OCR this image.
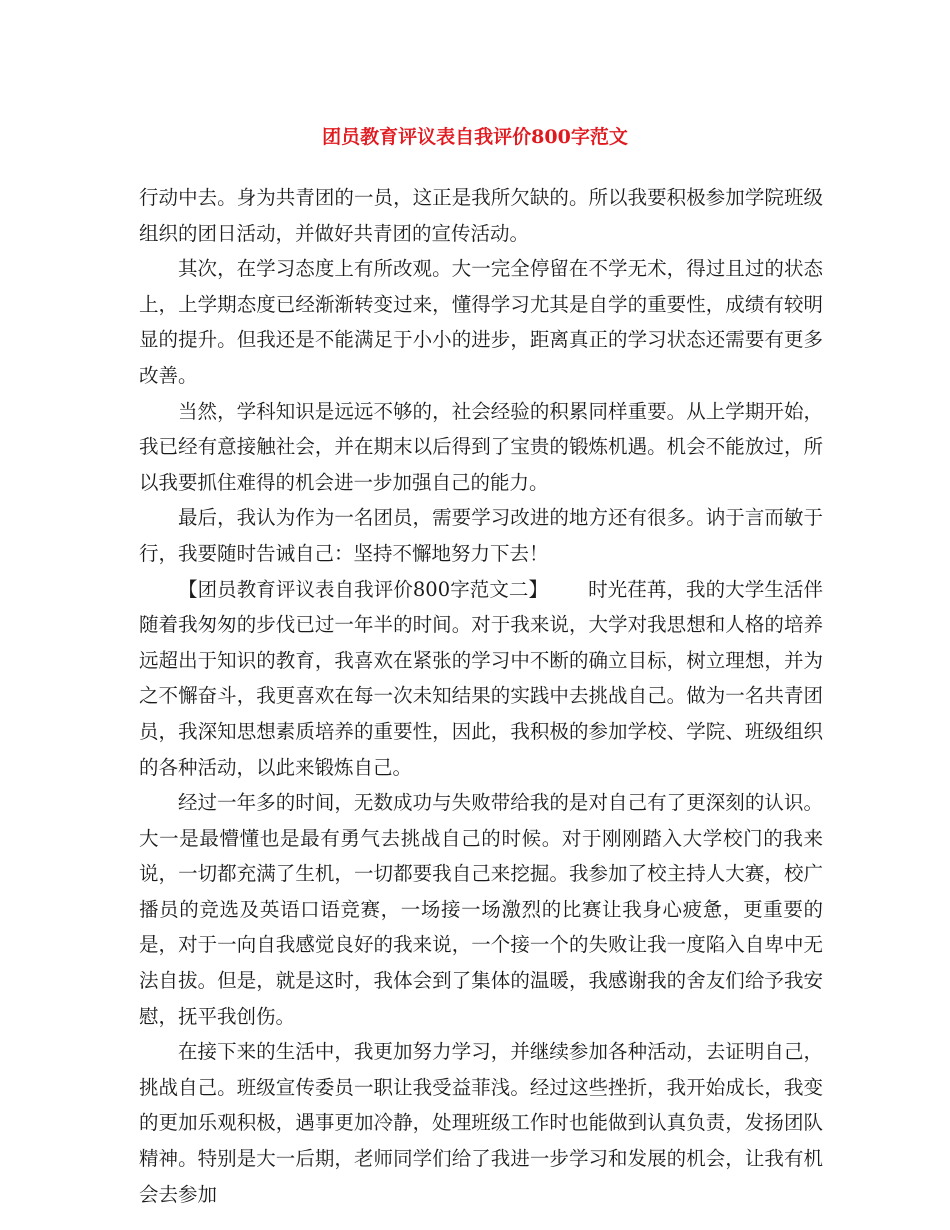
团员教育评议表自我评价800字范文

行动中去。身为共青团的一员，这正是我所欠缺的。所以我要积极参加学院班级组织的团日活动，并做好共青团的宣传活动。

其次，在学习态度上有所改观。大一完全停留在不学无术，得过且过的状态上，上学期态度已经渐渐转变过来，懂得学习尤其是自学的重要性，成绩有较明显的提升。但我还是不能满足于小小的进步，距离真正的学习状态还需要有更多改善。

当然，学科知识是远远不够的，社会经验的积累同样重要。从上学期开始，我已经有意接触社会，并在期末以后得到了宝贵的锻炼机遇。机会不能放过，所以我要抓住难得的机会进一步加强自己的能力。

最后，我认为作为一名团员，需要学习改进的地方还有很多。讷于言而敏于行，我要随时告诫自己：坚持不懈地努力下去！

【团员教育评议表自我评价800字范文二】 时光荏苒，我的大学生活伴随着我匆匆的步伐已过一年半的时间。对于我来说，大学对我思想和人格的培养远超出于知识的教育，我喜欢在紧张的学习中不断的确立目标，树立理想，并为之不懈奋斗，我更喜欢在每一次未知结果的实践中去挑战自己。做为一名共青团员，我深知思想素质培养的重要性，因此，我积极的参加学校、学院、班级组织的各种活动，以此来锻炼自己。

经过一年多的时间，无数成功与失败带给我的是对自己有了更深刻的认识。大一是最懵懂也是最有勇气去挑战自己的时候。对于刚刚踏入大学校门的我来说，一切都充满了生机，一切都要我自己来挖掘。我参加了校主持人大赛，校广播员的竞选及英语口语竞赛，一场接一场激烈的比赛让我身心疲惫，更重要的是，对于一向自我感觉良好的我来说，一个接一个的失败让我一度陷入自卑中无法自拔。但是，就是这时，我体会到了集体的温暖，我感谢我的舍友们给予我安慰，抚平我创伤。

在接下来的生活中，我更加努力学习，并继续参加各种活动，去证明自己，挑战自己。班级宣传委员一职让我受益菲浅。经过这些挫折，我开始成长，我变的更加乐观积极，遇事更加冷静，处理班级工作时也能做到认真负责，发扬团队精神。特别是大一后期，老师同学们给了我进一步学习和发展的机会，让我有机会去参加
